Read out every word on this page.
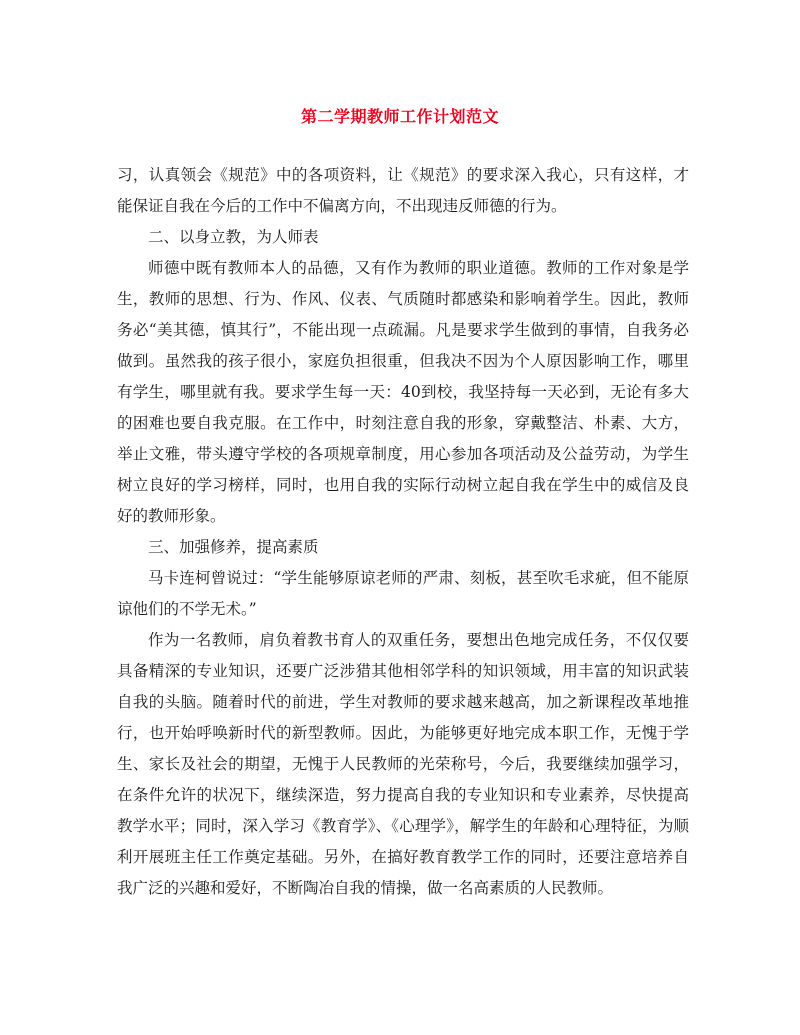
第二学期教师工作计划范文

习，认真领会《规范》中的各项资料，让《规范》的要求深入我心，只有这样，才能保证自我在今后的工作中不偏离方向，不出现违反师德的行为。

二、以身立教，为人师表

师德中既有教师本人的品德，又有作为教师的职业道德。教师的工作对象是学生，教师的思想、行为、作风、仪表、气质随时都感染和影响着学生。因此，教师务必“美其德，慎其行”，不能出现一点疏漏。凡是要求学生做到的事情，自我务必做到。虽然我的孩子很小，家庭负担很重，但我决不因为个人原因影响工作，哪里有学生，哪里就有我。要求学生每一天：40到校，我坚持每一天必到，无论有多大的困难也要自我克服。在工作中，时刻注意自我的形象，穿戴整洁、朴素、大方，举止文雅，带头遵守学校的各项规章制度，用心参加各项活动及公益劳动，为学生树立良好的学习榜样，同时，也用自我的实际行动树立起自我在学生中的威信及良好的教师形象。

三、加强修养，提高素质

马卡连柯曾说过：“学生能够原谅老师的严肃、刻板，甚至吹毛求疵，但不能原谅他们的不学无术。”

作为一名教师，肩负着教书育人的双重任务，要想出色地完成任务，不仅仅要具备精深的专业知识，还要广泛涉猎其他相邻学科的知识领域，用丰富的知识武装自我的头脑。随着时代的前进，学生对教师的要求越来越高，加之新课程改革地推行，也开始呼唤新时代的新型教师。因此，为能够更好地完成本职工作，无愧于学生、家长及社会的期望，无愧于人民教师的光荣称号，今后，我要继续加强学习，在条件允许的状况下，继续深造，努力提高自我的专业知识和专业素养，尽快提高教学水平；同时，深入学习《教育学》、《心理学》，解学生的年龄和心理特征，为顺利开展班主任工作奠定基础。另外，在搞好教育教学工作的同时，还要注意培养自我广泛的兴趣和爱好，不断陶冶自我的情操，做一名高素质的人民教师。
